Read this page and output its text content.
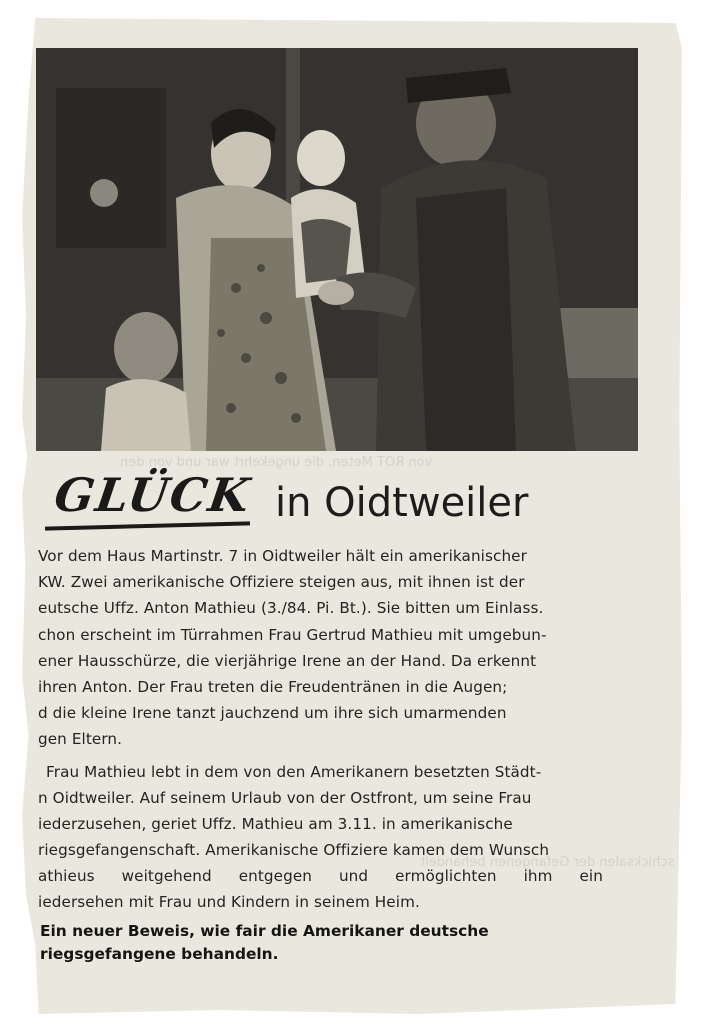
GLÜCK in Oidtweiler
von ROT Meten, die ungekehrt war und von den
schicksalen der Gefangenen behandelt
Vor dem Haus Martinstr. 7 in Oidtweiler hält ein amerikanischer
KW. Zwei amerikanische Offiziere steigen aus, mit ihnen ist der
eutsche Uffz. Anton Mathieu (3./84. Pi. Bt.). Sie bitten um Einlass.
chon erscheint im Türrahmen Frau Gertrud Mathieu mit umgebun-
ener Hausschürze, die vierjährige Irene an der Hand. Da erkennt
ihren Anton. Der Frau treten die Freudentränen in die Augen;
d die kleine Irene tanzt jauchzend um ihre sich umarmenden
gen Eltern.
Frau Mathieu lebt in dem von den Amerikanern besetzten Städt-
n Oidtweiler. Auf seinem Urlaub von der Ostfront, um seine Frau
iederzusehen, geriet Uffz. Mathieu am 3.11. in amerikanische
riegsgefangenschaft. Amerikanische Offiziere kamen dem Wunsch
athieus weitgehend entgegen und ermöglichten ihm ein
iedersehen mit Frau und Kindern in seinem Heim.
Ein neuer Beweis, wie fair die Amerikaner deutsche
riegsgefangene behandeln.
